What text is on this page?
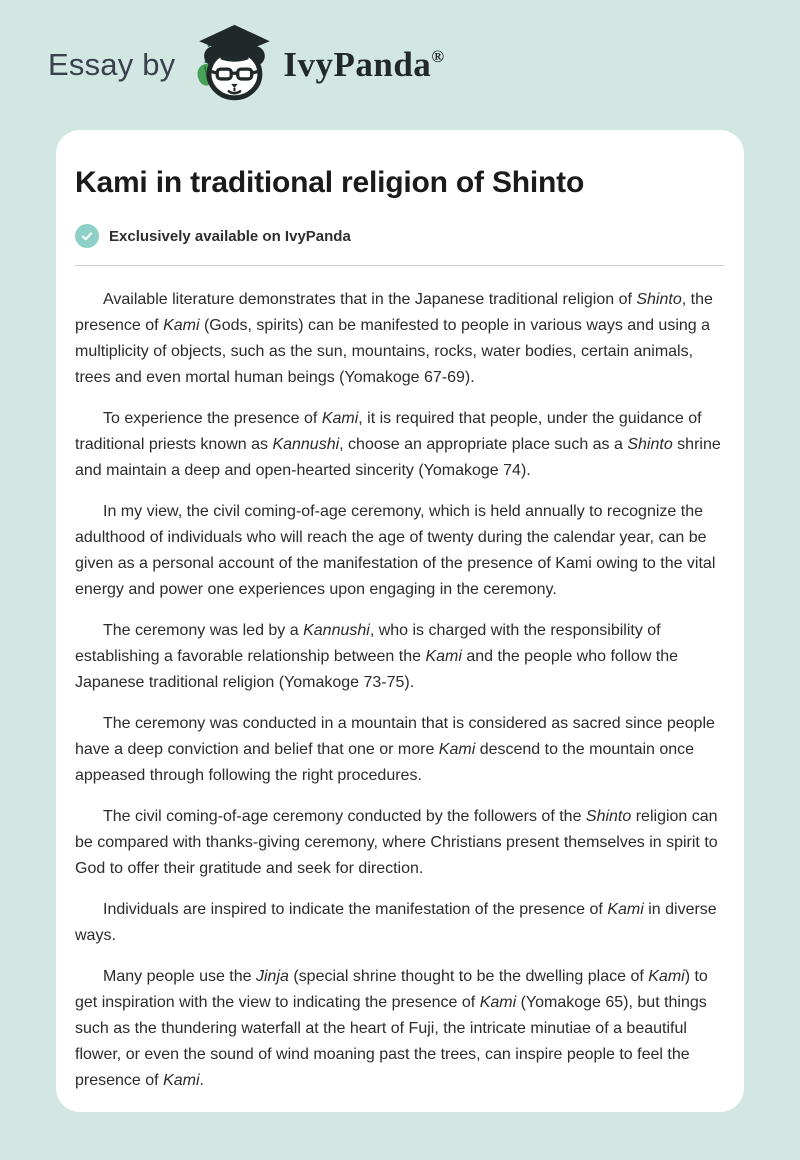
Essay by	IvyPanda®
Kami in traditional religion of Shinto
Exclusively available on IvyPanda

Available literature demonstrates that in the Japanese traditional religion of Shinto, the presence of Kami (Gods, spirits) can be manifested to people in various ways and using a multiplicity of objects, such as the sun, mountains, rocks, water bodies, certain animals, trees and even mortal human beings (Yomakoge 67-69).

To experience the presence of Kami, it is required that people, under the guidance of traditional priests known as Kannushi, choose an appropriate place such as a Shinto shrine and maintain a deep and open-hearted sincerity (Yomakoge 74).

In my view, the civil coming-of-age ceremony, which is held annually to recognize the adulthood of individuals who will reach the age of twenty during the calendar year, can be given as a personal account of the manifestation of the presence of Kami owing to the vital energy and power one experiences upon engaging in the ceremony.

The ceremony was led by a Kannushi, who is charged with the responsibility of establishing a favorable relationship between the Kami and the people who follow the Japanese traditional religion (Yomakoge 73-75).

The ceremony was conducted in a mountain that is considered as sacred since people have a deep conviction and belief that one or more Kami descend to the mountain once appeased through following the right procedures.

The civil coming-of-age ceremony conducted by the followers of the Shinto religion can be compared with thanks-giving ceremony, where Christians present themselves in spirit to God to offer their gratitude and seek for direction.

Individuals are inspired to indicate the manifestation of the presence of Kami in diverse ways.

Many people use the Jinja (special shrine thought to be the dwelling place of Kami) to get inspiration with the view to indicating the presence of Kami (Yomakoge 65), but things such as the thundering waterfall at the heart of Fuji, the intricate minutiae of a beautiful flower, or even the sound of wind moaning past the trees, can inspire people to feel the presence of Kami.
